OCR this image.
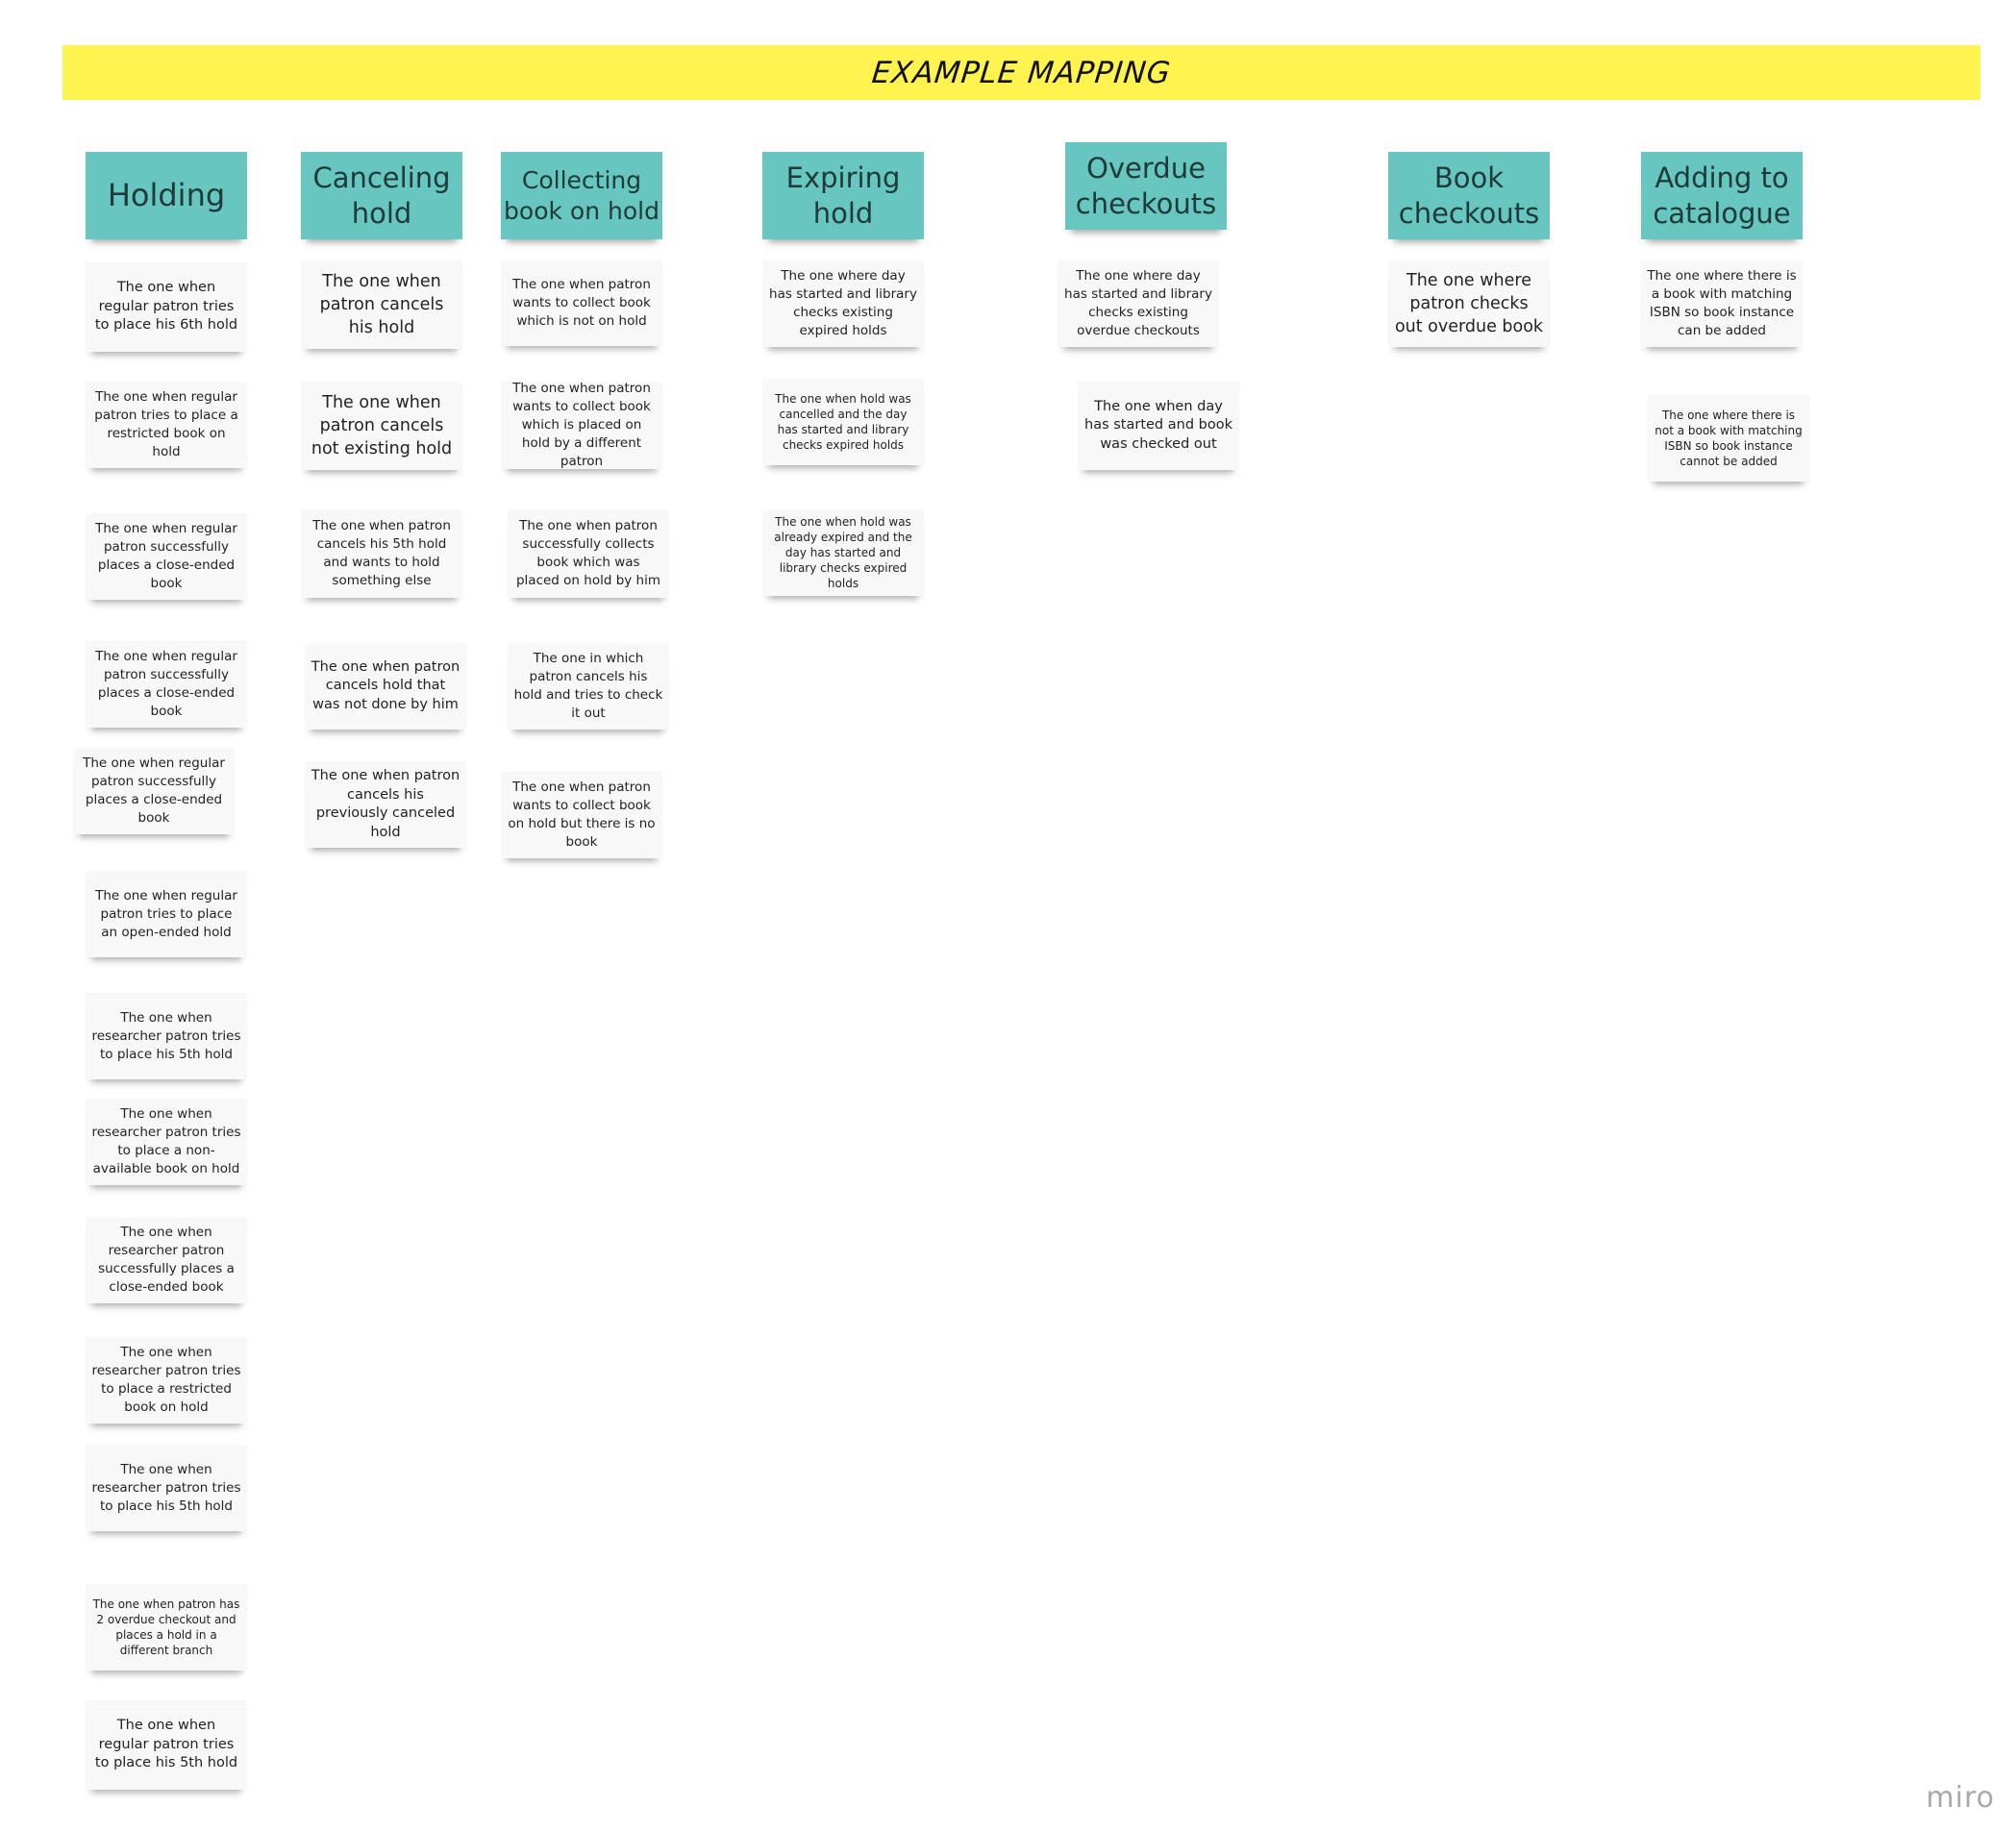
EXAMPLE MAPPING
Holding	Canceling hold
Collecting book on hold
Expiring hold
Overdue checkouts
Book checkouts
Adding to catalogue
The one when regular patron tries to place his 6th hold
The one when regular patron tries to place a restricted book on hold
The one when regular patron successfully places a close-ended book
The one when regular patron successfully places a close-ended book
The one when regular patron successfully places a close-ended book
The one when regular patron tries to place an open-ended hold
The one when researcher patron tries to place his 5th hold
The one when researcher patron tries to place a non-available book on hold
The one when researcher patron successfully places a close-ended book
The one when researcher patron tries to place a restricted book on hold
The one when researcher patron tries to place his 5th hold
The one when patron has 2 overdue checkout and places a hold in a different branch
The one when regular patron tries to place his 5th hold
The one when patron cancels his hold
The one when patron cancels not existing hold
The one when patron cancels his 5th hold and wants to hold something else
The one when patron cancels hold that was not done by him
The one when patron cancels his previously canceled hold
The one when patron wants to collect book which is not on hold
The one when patron wants to collect book which is placed on hold by a different patron
The one when patron successfully collects book which was placed on hold by him
The one in which patron cancels his hold and tries to check it out
The one when patron wants to collect book on hold but there is no book
The one where day has started and library checks existing expired holds
The one when hold was cancelled and the day has started and library checks expired holds
The one when hold was already expired and the day has started and library checks expired holds
The one where day has started and library checks existing overdue checkouts
The one when day has started and book was checked out
The one where patron checks out overdue book
The one where there is a book with matching ISBN so book instance can be added
The one where there is not a book with matching ISBN so book instance cannot be added
miro
